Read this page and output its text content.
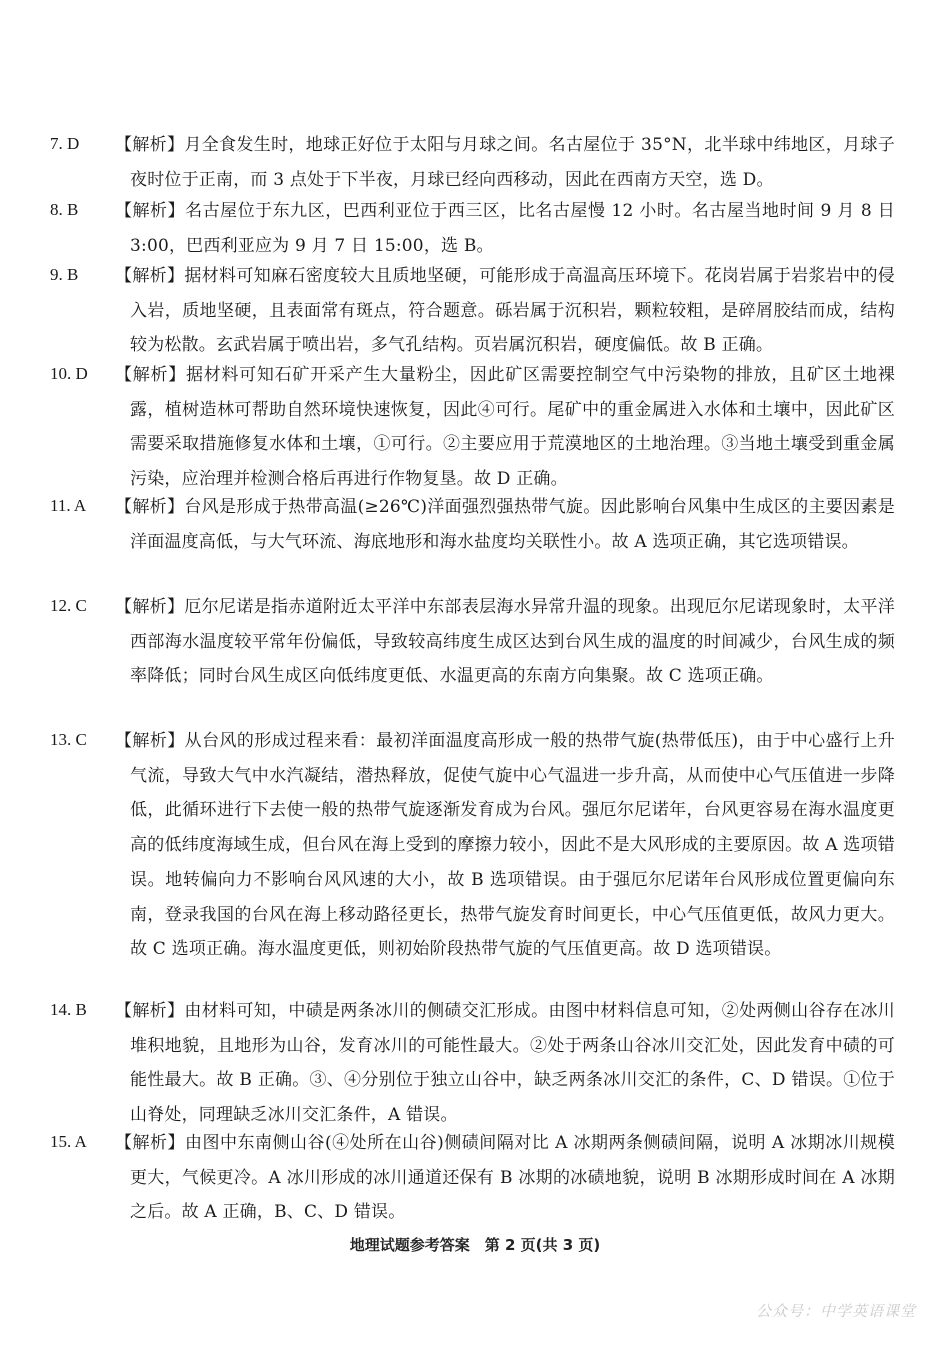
7. D 【解析】月全食发生时，地球正好位于太阳与月球之间。名古屋位于 35°N，北半球中纬地区，月球子夜时位于正南，而 3 点处于下半夜，月球已经向西移动，因此在西南方天空，选 D。
8. B 【解析】名古屋位于东九区，巴西利亚位于西三区，比名古屋慢 12 小时。名古屋当地时间 9 月 8 日 3:00，巴西利亚应为 9 月 7 日 15:00，选 B。
9. B 【解析】据材料可知麻石密度较大且质地坚硬，可能形成于高温高压环境下。花岗岩属于岩浆岩中的侵入岩，质地坚硬，且表面常有斑点，符合题意。砾岩属于沉积岩，颗粒较粗，是碎屑胶结而成，结构较为松散。玄武岩属于喷出岩，多气孔结构。页岩属沉积岩，硬度偏低。故 B 正确。
10. D 【解析】据材料可知石矿开采产生大量粉尘，因此矿区需要控制空气中污染物的排放，且矿区土地裸露，植树造林可帮助自然环境快速恢复，因此④可行。尾矿中的重金属进入水体和土壤中，因此矿区需要采取措施修复水体和土壤，①可行。②主要应用于荒漠地区的土地治理。③当地土壤受到重金属污染，应治理并检测合格后再进行作物复垦。故 D 正确。
11. A 【解析】台风是形成于热带高温(≥26℃)洋面强烈强热带气旋。因此影响台风集中生成区的主要因素是洋面温度高低，与大气环流、海底地形和海水盐度均关联性小。故 A 选项正确，其它选项错误。
12. C 【解析】厄尔尼诺是指赤道附近太平洋中东部表层海水异常升温的现象。出现厄尔尼诺现象时，太平洋西部海水温度较平常年份偏低，导致较高纬度生成区达到台风生成的温度的时间减少，台风生成的频率降低；同时台风生成区向低纬度更低、水温更高的东南方向集聚。故 C 选项正确。
13. C 【解析】从台风的形成过程来看：最初洋面温度高形成一般的热带气旋(热带低压)，由于中心盛行上升气流，导致大气中水汽凝结，潜热释放，促使气旋中心气温进一步升高，从而使中心气压值进一步降低，此循环进行下去使一般的热带气旋逐渐发育成为台风。强厄尔尼诺年，台风更容易在海水温度更高的低纬度海域生成，但台风在海上受到的摩擦力较小，因此不是大风形成的主要原因。故 A 选项错误。地转偏向力不影响台风风速的大小，故 B 选项错误。由于强厄尔尼诺年台风形成位置更偏向东南，登录我国的台风在海上移动路径更长，热带气旋发育时间更长，中心气压值更低，故风力更大。故 C 选项正确。海水温度更低，则初始阶段热带气旋的气压值更高。故 D 选项错误。
14. B 【解析】由材料可知，中碛是两条冰川的侧碛交汇形成。由图中材料信息可知，②处两侧山谷存在冰川堆积地貌，且地形为山谷，发育冰川的可能性最大。②处于两条山谷冰川交汇处，因此发育中碛的可能性最大。故 B 正确。③、④分别位于独立山谷中，缺乏两条冰川交汇的条件，C、D 错误。①位于山脊处，同理缺乏冰川交汇条件，A 错误。
15. A 【解析】由图中东南侧山谷(④处所在山谷)侧碛间隔对比 A 冰期两条侧碛间隔，说明 A 冰期冰川规模更大，气候更冷。A 冰川形成的冰川通道还保有 B 冰期的冰碛地貌，说明 B 冰期形成时间在 A 冰期之后。故 A 正确，B、C、D 错误。
地理试题参考答案　第 2 页(共 3 页)
公众号：中学英语课堂
